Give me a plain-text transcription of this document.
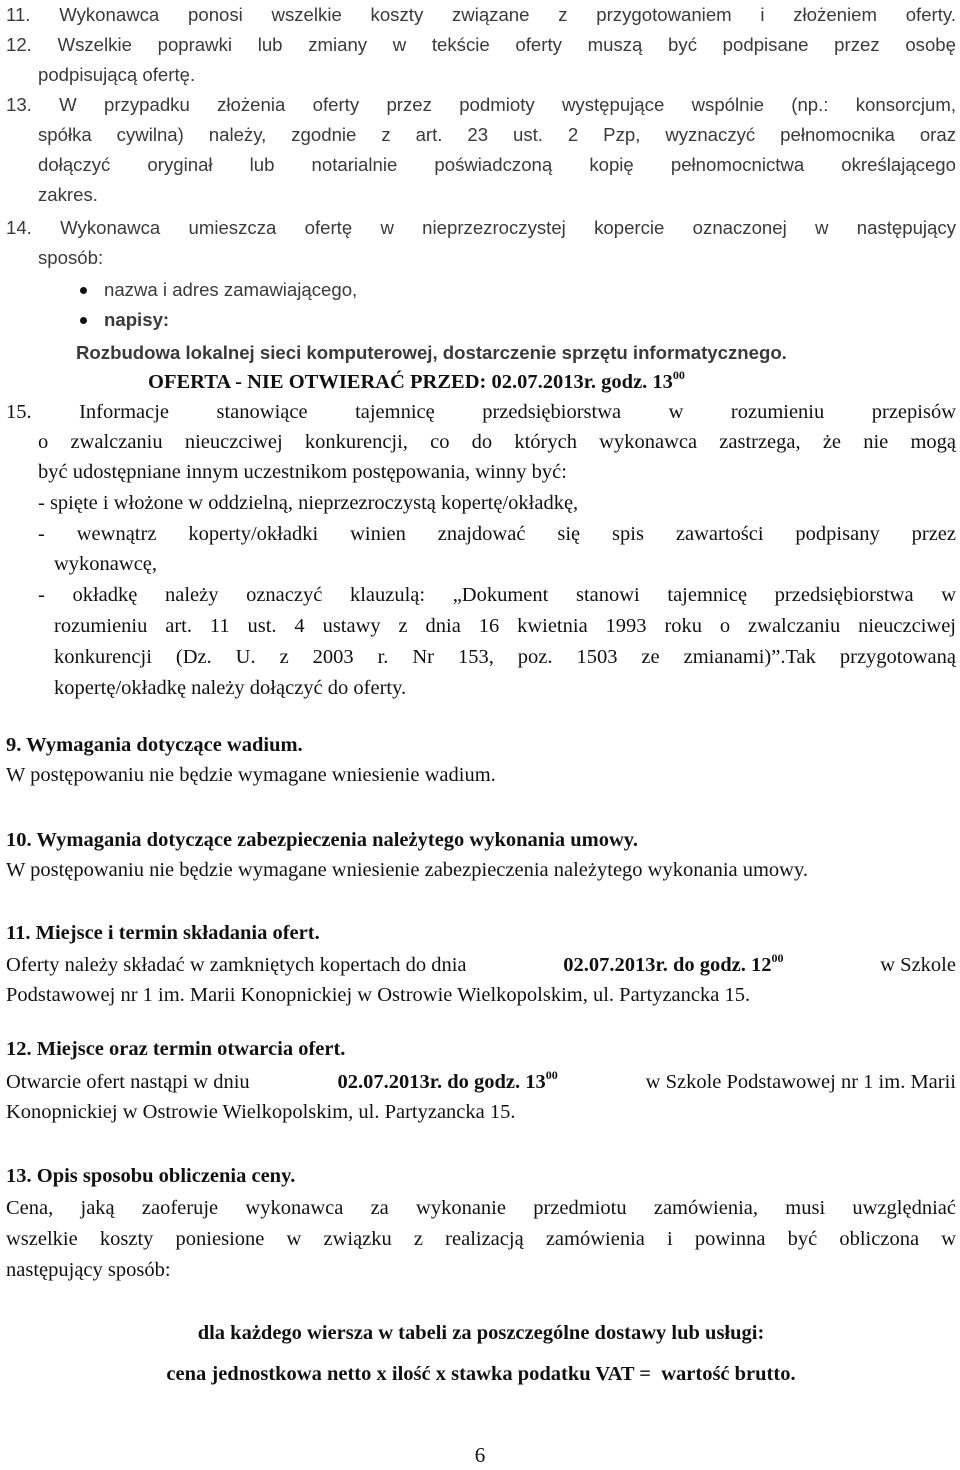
11. Wykonawca ponosi wszelkie koszty związane z przygotowaniem i złożeniem oferty.
12. Wszelkie poprawki lub zmiany w tekście oferty muszą być podpisane przez osobę
podpisującą ofertę.
13. W przypadku złożenia oferty przez podmioty występujące wspólnie (np.: konsorcjum,
spółka cywilna) należy, zgodnie z art. 23 ust. 2 Pzp, wyznaczyć pełnomocnika oraz
dołączyć oryginał lub notarialnie poświadczoną kopię pełnomocnictwa określającego
zakres.
14. Wykonawca umieszcza ofertę w nieprzezroczystej kopercie oznaczonej w następujący
sposób:
nazwa i adres zamawiającego,
napisy:
Rozbudowa lokalnej sieci komputerowej, dostarczenie sprzętu informatycznego.
OFERTA - NIE OTWIERAĆ PRZED: 02.07.2013r. godz. $13^{00}$
15. Informacje stanowiące tajemnicę przedsiębiorstwa w rozumieniu przepisów
o zwalczaniu nieuczciwej konkurencji, co do których wykonawca zastrzega, że nie mogą
być udostępniane innym uczestnikom postępowania, winny być:
- spięte i włożone w oddzielną, nieprzezroczystą kopertę/okładkę,
- wewnątrz koperty/okładki winien znajdować się spis zawartości podpisany przez
wykonawcę,
- okładkę należy oznaczyć klauzulą: „Dokument stanowi tajemnicę przedsiębiorstwa w
rozumieniu art. 11 ust. 4 ustawy z dnia 16 kwietnia 1993 roku o zwalczaniu nieuczciwej
konkurencji (Dz. U. z 2003 r. Nr 153, poz. 1503 ze zmianami)”.Tak przygotowaną
kopertę/okładkę należy dołączyć do oferty.
9. Wymagania dotyczące wadium.
W postępowaniu nie będzie wymagane wniesienie wadium.
10. Wymagania dotyczące zabezpieczenia należytego wykonania umowy.
W postępowaniu nie będzie wymagane wniesienie zabezpieczenia należytego wykonania umowy.
11. Miejsce i termin składania ofert.
Oferty należy składać w zamkniętych kopertach do dnia	02.07.2013r. do godz. $12^{00}$	w Szkole
Podstawowej nr 1 im. Marii Konopnickiej w Ostrowie Wielkopolskim, ul. Partyzancka 15.
12. Miejsce oraz termin otwarcia ofert.
Otwarcie ofert nastąpi w dniu	02.07.2013r. do godz. $13^{00}$	w Szkole Podstawowej nr 1 im. Marii
Konopnickiej w Ostrowie Wielkopolskim, ul. Partyzancka 15.
13. Opis sposobu obliczenia ceny.
Cena, jaką zaoferuje wykonawca za wykonanie przedmiotu zamówienia, musi uwzględniać
wszelkie koszty poniesione w związku z realizacją zamówienia i powinna być obliczona w
następujący sposób:
dla każdego wiersza w tabeli za poszczególne dostawy lub usługi:
cena jednostkowa netto x ilość x stawka podatku VAT =  wartość brutto.
6
